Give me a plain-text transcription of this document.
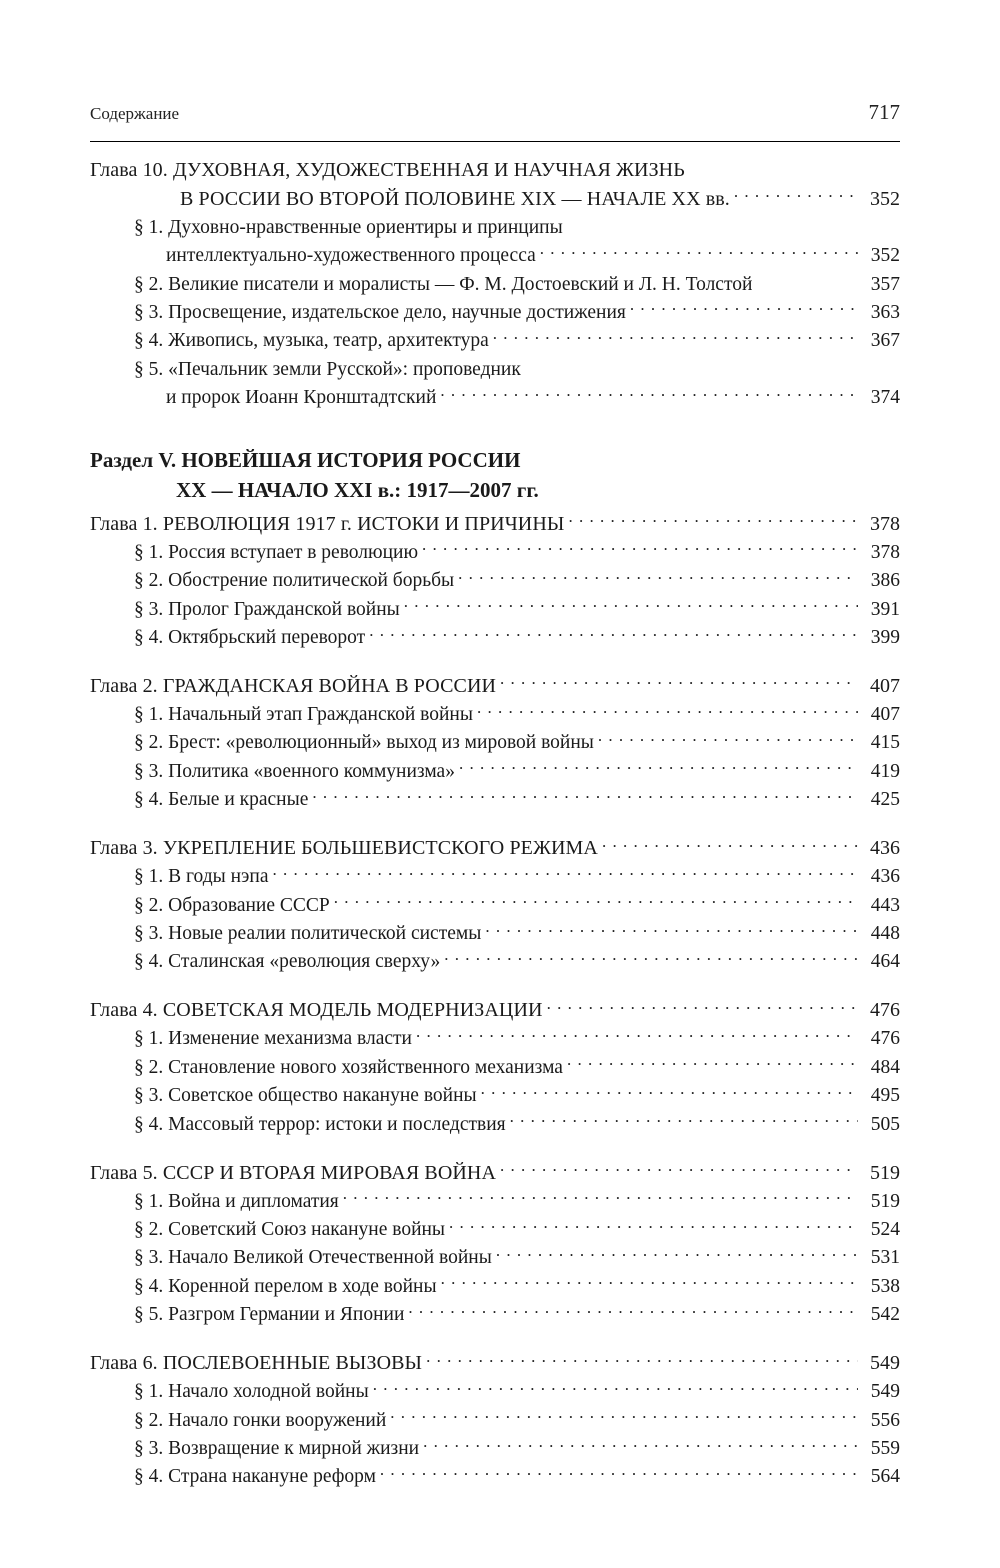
Содержание	717
Глава 10. ДУХОВНАЯ, ХУДОЖЕСТВЕННАЯ И НАУЧНАЯ ЖИЗНЬ
В РОССИИ ВО ВТОРОЙ ПОЛОВИНЕ XIX — НАЧАЛЕ XX вв. . . .	352
§ 1. Духовно-нравственные ориентиры и принципы
интеллектуально-художественного процесса . . .	352
§ 2. Великие писатели и моралисты — Ф. М. Достоевский и Л. Н. Толстой	357
§ 3. Просвещение, издательское дело, научные достижения . . .	363
§ 4. Живопись, музыка, театр, архитектура . . .	367
§ 5. «Печальник земли Русской»: проповедник
и пророк Иоанн Кронштадтский . . .	374
Раздел V. НОВЕЙШАЯ ИСТОРИЯ РОССИИ
XX — НАЧАЛО XXI в.: 1917—2007 гг.
Глава 1. РЕВОЛЮЦИЯ 1917 г. ИСТОКИ И ПРИЧИНЫ . . .	378
§ 1. Россия вступает в революцию . . .	378
§ 2. Обострение политической борьбы . . .	386
§ 3. Пролог Гражданской войны . . .	391
§ 4. Октябрьский переворот . . .	399
Глава 2. ГРАЖДАНСКАЯ ВОЙНА В РОССИИ . . .	407
§ 1. Начальный этап Гражданской войны . . .	407
§ 2. Брест: «революционный» выход из мировой войны . . .	415
§ 3. Политика «военного коммунизма» . . .	419
§ 4. Белые и красные . . .	425
Глава 3. УКРЕПЛЕНИЕ БОЛЬШЕВИСТСКОГО РЕЖИМА . . .	436
§ 1. В годы нэпа . . .	436
§ 2. Образование СССР . . .	443
§ 3. Новые реалии политической системы . . .	448
§ 4. Сталинская «революция сверху» . . .	464
Глава 4. СОВЕТСКАЯ МОДЕЛЬ МОДЕРНИЗАЦИИ . . .	476
§ 1. Изменение механизма власти . . .	476
§ 2. Становление нового хозяйственного механизма . . .	484
§ 3. Советское общество накануне войны . . .	495
§ 4. Массовый террор: истоки и последствия . . .	505
Глава 5. СССР И ВТОРАЯ МИРОВАЯ ВОЙНА . . .	519
§ 1. Война и дипломатия . . .	519
§ 2. Советский Союз накануне войны . . .	524
§ 3. Начало Великой Отечественной войны . . .	531
§ 4. Коренной перелом в ходе войны . . .	538
§ 5. Разгром Германии и Японии . . .	542
Глава 6. ПОСЛЕВОЕННЫЕ ВЫЗОВЫ . . .	549
§ 1. Начало холодной войны . . .	549
§ 2. Начало гонки вооружений . . .	556
§ 3. Возвращение к мирной жизни . . .	559
§ 4. Страна накануне реформ . . .	564
